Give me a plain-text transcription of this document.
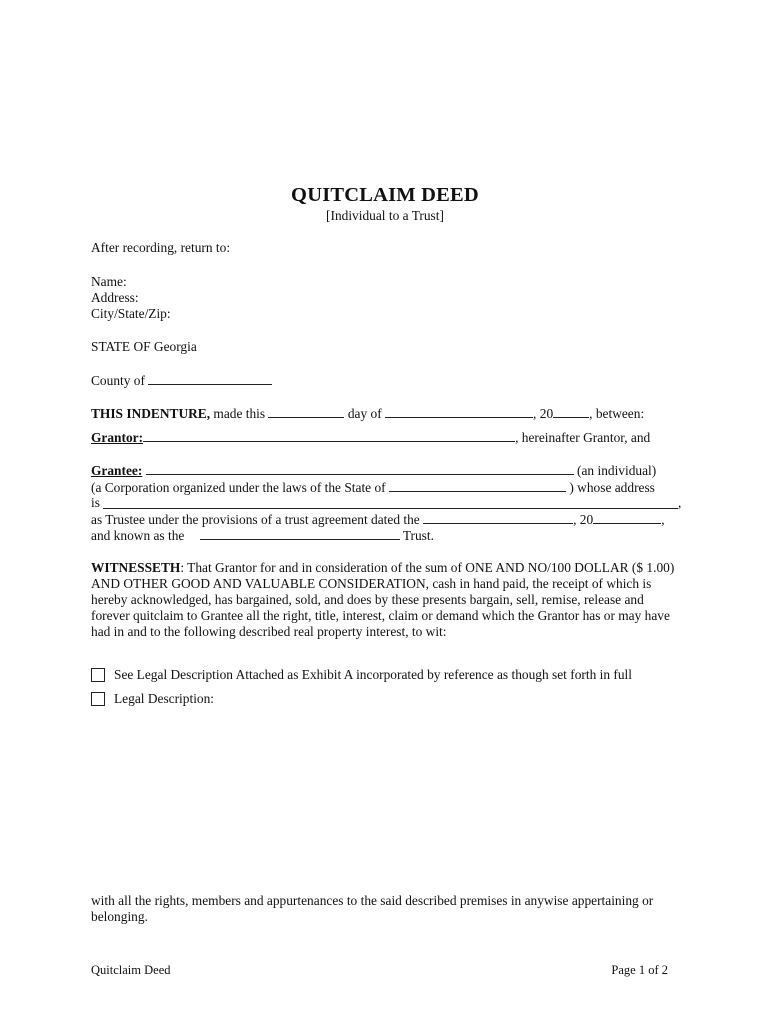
QUITCLAIM DEED
[Individual to a Trust]
After recording, return to:
Name:
Address:
City/State/Zip:
STATE OF Georgia
County of
THIS INDENTURE, made this	day of	, 20	, between:
Grantor:	, hereinafter Grantor, and
Grantee:	(an individual)
(a Corporation organized under the laws of the State of	) whose address
is	,
as Trustee under the provisions of a trust agreement dated the	, 20	,
and known as the	Trust.
WITNESSETH: That Grantor for and in consideration of the sum of ONE AND NO/100 DOLLAR ($ 1.00) AND OTHER GOOD AND VALUABLE CONSIDERATION, cash in hand paid, the receipt of which is hereby acknowledged, has bargained, sold, and does by these presents bargain, sell, remise, release and forever quitclaim to Grantee all the right, title, interest, claim or demand which the Grantor has or may have had in and to the following described real property interest, to wit:
See Legal Description Attached as Exhibit A incorporated by reference as though set forth in full
Legal Description:
with all the rights, members and appurtenances to the said described premises in anywise appertaining or belonging.
Quitclaim Deed	Page 1 of 2
